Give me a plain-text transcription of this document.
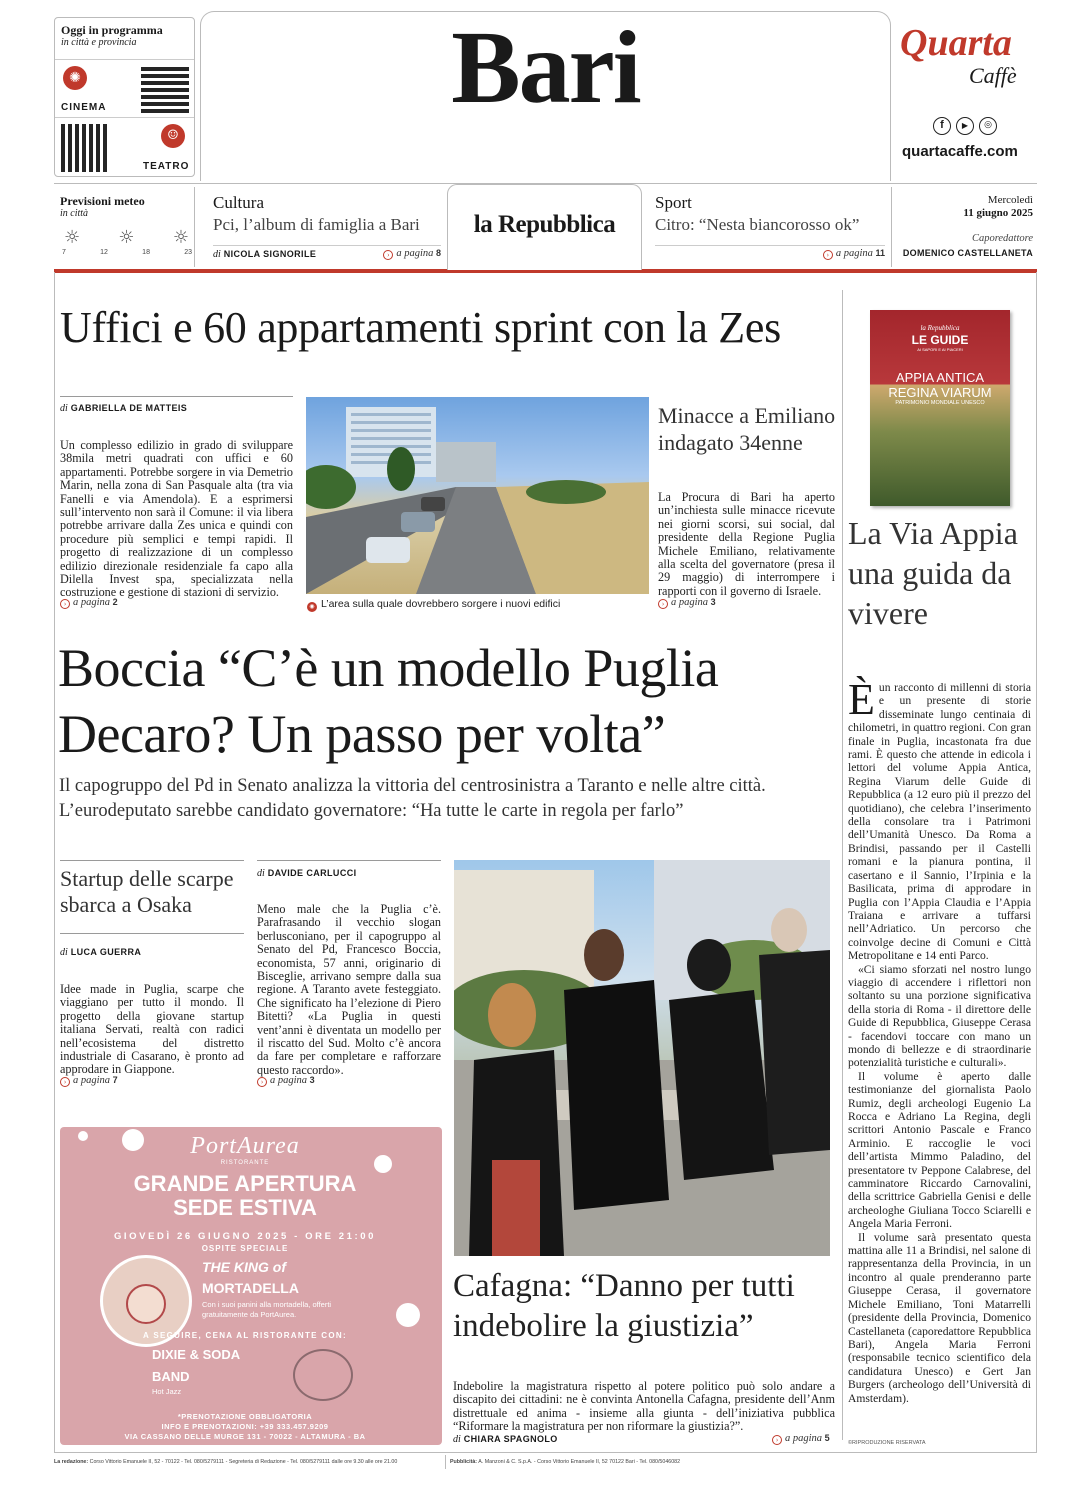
Oggi in programma
in città e provincia
✺
CINEMA
☺
TEATRO
Bari	Quarta
Caffè
f	▶	◎
quartacaffe.com
Previsioni meteo
in città
☼ ☼ ☼
7	12	18	23
Cultura
Pci, l’album di famiglia a Bari
di NICOLA SIGNORILE	› a pagina 8
la Repubblica
Sport
Citro: “Nesta biancorosso ok”
› a pagina 11
Mercoledì
11 giugno 2025
Caporedattore
DOMENICO CASTELLANETA
Uffici e 60 appartamenti sprint con la Zes
di GABRIELLA DE MATTEIS
Un complesso edilizio in grado di sviluppare 38mila metri quadrati con uffici e 60 appartamenti. Potrebbe sorgere in via Demetrio Marin, nella zona di San Pasquale alta (tra via Fanelli e via Amendola). E a esprimersi sull’intervento non sarà il Comune: il via libera potrebbe arrivare dalla Zes unica e quindi con procedure più semplici e tempi rapidi. Il progetto di realizzazione di un complesso edilizio direzionale residenziale fa capo alla Dilella Invest spa, specializzata nella costruzione e gestione di stazioni di servizio.
› a pagina 2	◉ L’area sulla quale dovrebbero sorgere i nuovi edifici
Minacce a Emiliano indagato 34enne
La Procura di Bari ha aperto un’inchiesta sulle minacce ricevute nei giorni scorsi, sui social, dal presidente della Regione Puglia Michele Emiliano, relativamente alla scelta del governatore (presa il 29 maggio) di interrompere i rapporti con il governo di Israele.
› a pagina 3
Boccia “C’è un modello Puglia
Decaro? Un passo per volta”
Il capogruppo del Pd in Senato analizza la vittoria del centrosinistra a Taranto e nelle altre città. L’eurodeputato sarebbe candidato governatore: “Ha tutte le carte in regola per farlo”
Startup delle scarpe sbarca a Osaka
di LUCA GUERRA
Idee made in Puglia, scarpe che viaggiano per tutto il mondo. Il progetto della giovane startup italiana Servati, realtà con radici nell’ecosistema del distretto industriale di Casarano, è pronto ad approdare in Giappone.
› a pagina 7
di DAVIDE CARLUCCI
Meno male che la Puglia c’è. Parafrasando il vecchio slogan berlusconiano, per il capogruppo al Senato del Pd, Francesco Boccia, economista, 57 anni, originario di Bisceglie, arrivano sempre dalla sua regione. A Taranto avete festeggiato. Che significato ha l’elezione di Piero Bitetti? «La Puglia in questi vent’anni è diventata un modello per il riscatto del Sud. Molto c’è ancora da fare per completare e rafforzare questo raccordo».
› a pagina 3
Cafagna: “Danno per tutti indebolire la giustizia”
Indebolire la magistratura rispetto al potere politico può solo andare a discapito dei cittadini: ne è convinta Antonella Cafagna, presidente dell’Anm distrettuale ed anima - insieme alla giunta - dell’iniziativa pubblica “Riformare la magistratura per non riformare la giustizia?”.
di CHIARA SPAGNOLO	› a pagina 5
PortAurea
RISTORANTE
GRANDE APERTURA
SEDE ESTIVA
GIOVEDÌ 26 GIUGNO 2025 - ORE 21:00
OSPITE SPECIALE
THE KING of
MORTADELLA
Con i suoi panini alla mortadella, offerti gratuitamente da PortAurea.
A SEGUIRE, CENA AL RISTORANTE CON:
DIXIE & SODA
BAND
Hot Jazz
*PRENOTAZIONE OBBLIGATORIA
INFO E PRENOTAZIONI: +39 333.457.9209
VIA CASSANO DELLE MURGE 131 - 70022 - ALTAMURA - BA
la Repubblica
LE GUIDE
AI SAPORI E AI PIACERI
APPIA ANTICA
REGINA VIARUM
PATRIMONIO MONDIALE UNESCO
La Via Appia una guida da vivere
È un racconto di millenni di storia e un presente di storie disseminate lungo centinaia di chilometri, in quattro regioni. Con gran finale in Puglia, incastonata fra due rami. È questo che attende in edicola i lettori del volume Appia Antica, Regina Viarum delle Guide di Repubblica (a 12 euro più il prezzo del quotidiano), che celebra l’inserimento della consolare tra i Patrimoni dell’Umanità Unesco. Da Roma a Brindisi, passando per il Castelli romani e la pianura pontina, il casertano e il Sannio, l’Irpinia e la Basilicata, prima di approdare in Puglia con l’Appia Claudia e l’Appia Traiana e arrivare a tuffarsi nell’Adriatico. Un percorso che coinvolge decine di Comuni e Città Metropolitane e 14 enti Parco.
«Ci siamo sforzati nel nostro lungo viaggio di accendere i riflettori non soltanto su una porzione significativa della storia di Roma - il direttore delle Guide di Repubblica, Giuseppe Cerasa - facendovi toccare con mano un mondo di bellezze e di straordinarie potenzialità turistiche e culturali».
Il volume è aperto dalle testimonianze del giornalista Paolo Rumiz, degli archeologi Eugenio La Rocca e Adriano La Regina, degli scrittori Antonio Pascale e Franco Arminio. E raccoglie le voci dell’artista Mimmo Paladino, del presentatore tv Peppone Calabrese, del camminatore Riccardo Carnovalini, della scrittrice Gabriella Genisi e delle archeologhe Giuliana Tocco Sciarelli e Angela Maria Ferroni.
Il volume sarà presentato questa mattina alle 11 a Brindisi, nel salone di rappresentanza della Provincia, in un incontro al quale prenderanno parte Giuseppe Cerasa, il governatore Michele Emiliano, Toni Matarrelli (presidente della Provincia, Domenico Castellaneta (caporedattore Repubblica Bari), Angela Maria Ferroni (responsabile tecnico scientifico dela candidatura Unesco) e Gert Jan Burgers (archeologo dell’Università di Amsterdam).
©RIPRODUZIONE RISERVATA
La redazione: Corso Vittorio Emanuele II, 52 - 70122 - Tel. 080/5279111 - Segreteria di Redazione - Tel. 080/5279111 dalle ore 9.30 alle ore 21.00	Pubblicità: A. Manzoni & C. S.p.A. - Corso Vittorio Emanuele II, 52 70122 Bari - Tel. 080/5046082
